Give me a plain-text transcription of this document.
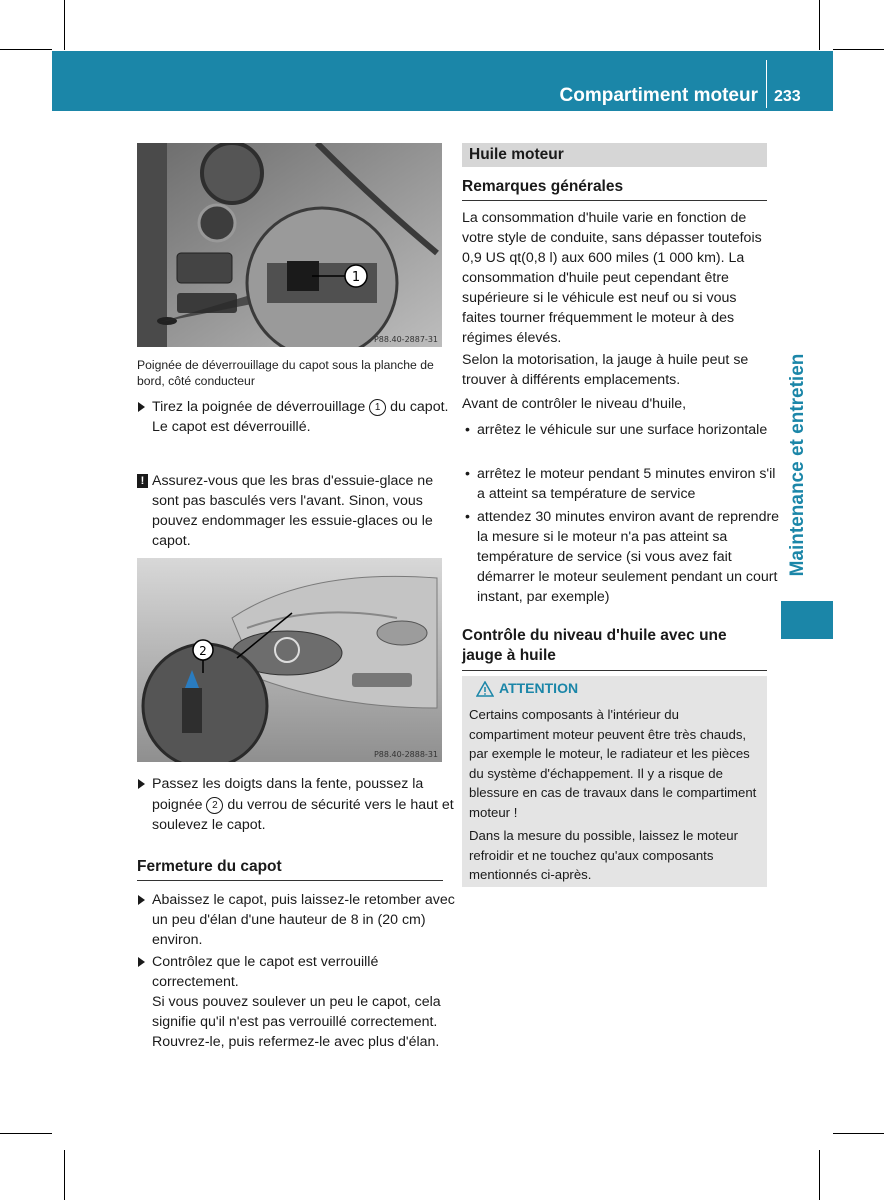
Compartiment moteur 233
Maintenance et entretien
1
P88.40-2887-31
Poignée de déverrouillage du capot sous la planche de bord, côté conducteur
Tirez la poignée de déverrouillage 1 du capot.
Le capot est déverrouillé.
! Assurez-vous que les bras d'essuie-glace ne sont pas basculés vers l'avant. Sinon, vous pouvez endommager les essuie-glaces ou le capot.
2
P88.40-2888-31
Passez les doigts dans la fente, poussez la poignée 2 du verrou de sécurité vers le haut et soulevez le capot.
Fermeture du capot
Abaissez le capot, puis laissez-le retomber avec un peu d'élan d'une hauteur de 8 in (20 cm) environ.
Contrôlez que le capot est verrouillé correctement.
Si vous pouvez soulever un peu le capot, cela signifie qu'il n'est pas verrouillé correctement. Rouvrez-le, puis refermez-le avec plus d'élan.
Huile moteur
Remarques générales
La consommation d'huile varie en fonction de votre style de conduite, sans dépasser toutefois 0,9 US qt(0,8 l) aux 600 miles (1 000 km). La consommation d'huile peut cependant être supérieure si le véhicule est neuf ou si vous faites tourner fréquemment le moteur à des régimes élevés.
Selon la motorisation, la jauge à huile peut se trouver à différents emplacements.
Avant de contrôler le niveau d'huile,
• arrêtez le véhicule sur une surface horizontale
• arrêtez le moteur pendant 5 minutes environ s'il a atteint sa température de service
• attendez 30 minutes environ avant de reprendre la mesure si le moteur n'a pas atteint sa température de service (si vous avez fait démarrer le moteur seulement pendant un court instant, par exemple)
Contrôle du niveau d'huile avec une jauge à huile
ATTENTION
Certains composants à l'intérieur du compartiment moteur peuvent être très chauds, par exemple le moteur, le radiateur et les pièces du système d'échappement. Il y a risque de blessure en cas de travaux dans le compartiment moteur !
Dans la mesure du possible, laissez le moteur refroidir et ne touchez qu'aux composants mentionnés ci-après.
